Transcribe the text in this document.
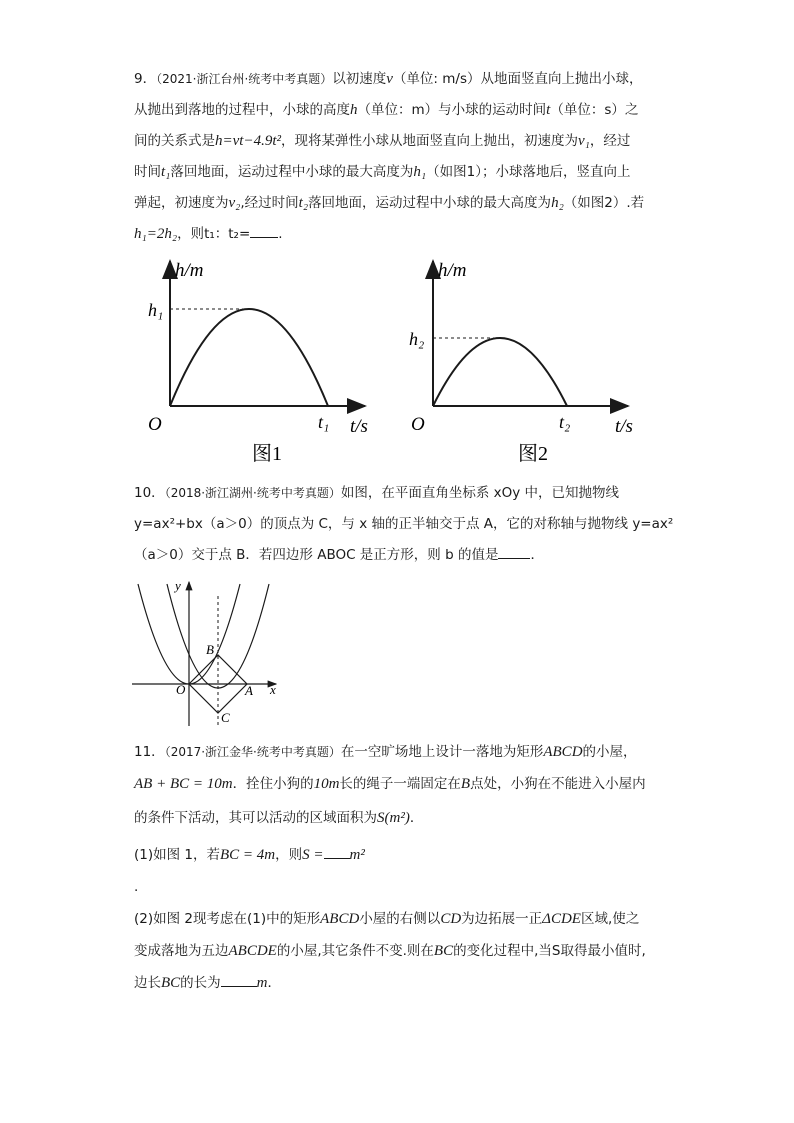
9．（2021·浙江台州·统考中考真题）以初速度v（单位: m/s）从地面竖直向上抛出小球，
从抛出到落地的过程中，小球的高度h（单位：m）与小球的运动时间t（单位：s）之
间的关系式是h=vt−4.9t²，现将某弹性小球从地面竖直向上抛出，初速度为v₁，经过
时间t₁落回地面，运动过程中小球的最大高度为h₁（如图1）；小球落地后，竖直向上
弹起，初速度为v₂,经过时间t₂落回地面，运动过程中小球的最大高度为h₂（如图2）.若
h₁=2h₂，则t₁：t₂= .
h/m
h₁
O	t₁ t/s
图1
h/m
h₂
O	t₂ t/s
图2
10．（2018·浙江湖州·统考中考真题）如图，在平面直角坐标系 xOy 中，已知抛物线
y=ax²+bx（a＞0）的顶点为 C，与 x 轴的正半轴交于点 A，它的对称轴与抛物线 y=ax²
（a＞0）交于点 B．若四边形 ABOC 是正方形，则 b 的值是 ．
y
x
O	A
B
C
11．（2017·浙江金华·统考中考真题）在一空旷场地上设计一落地为矩形ABCD的小屋，
AB + BC = 10m．拴住小狗的10m长的绳子一端固定在B点处，小狗在不能进入小屋内
的条件下活动，其可以活动的区域面积为S(m²)．
(1)如图 1，若BC = 4m，则S = m²
.
(2)如图 2现考虑在(1)中的矩形ABCD小屋的右侧以CD为边拓展一正ΔCDE区域,使之
变成落地为五边ABCDE的小屋,其它条件不变.则在BC的变化过程中,当S取得最小值时,
边长BC的长为 m．
